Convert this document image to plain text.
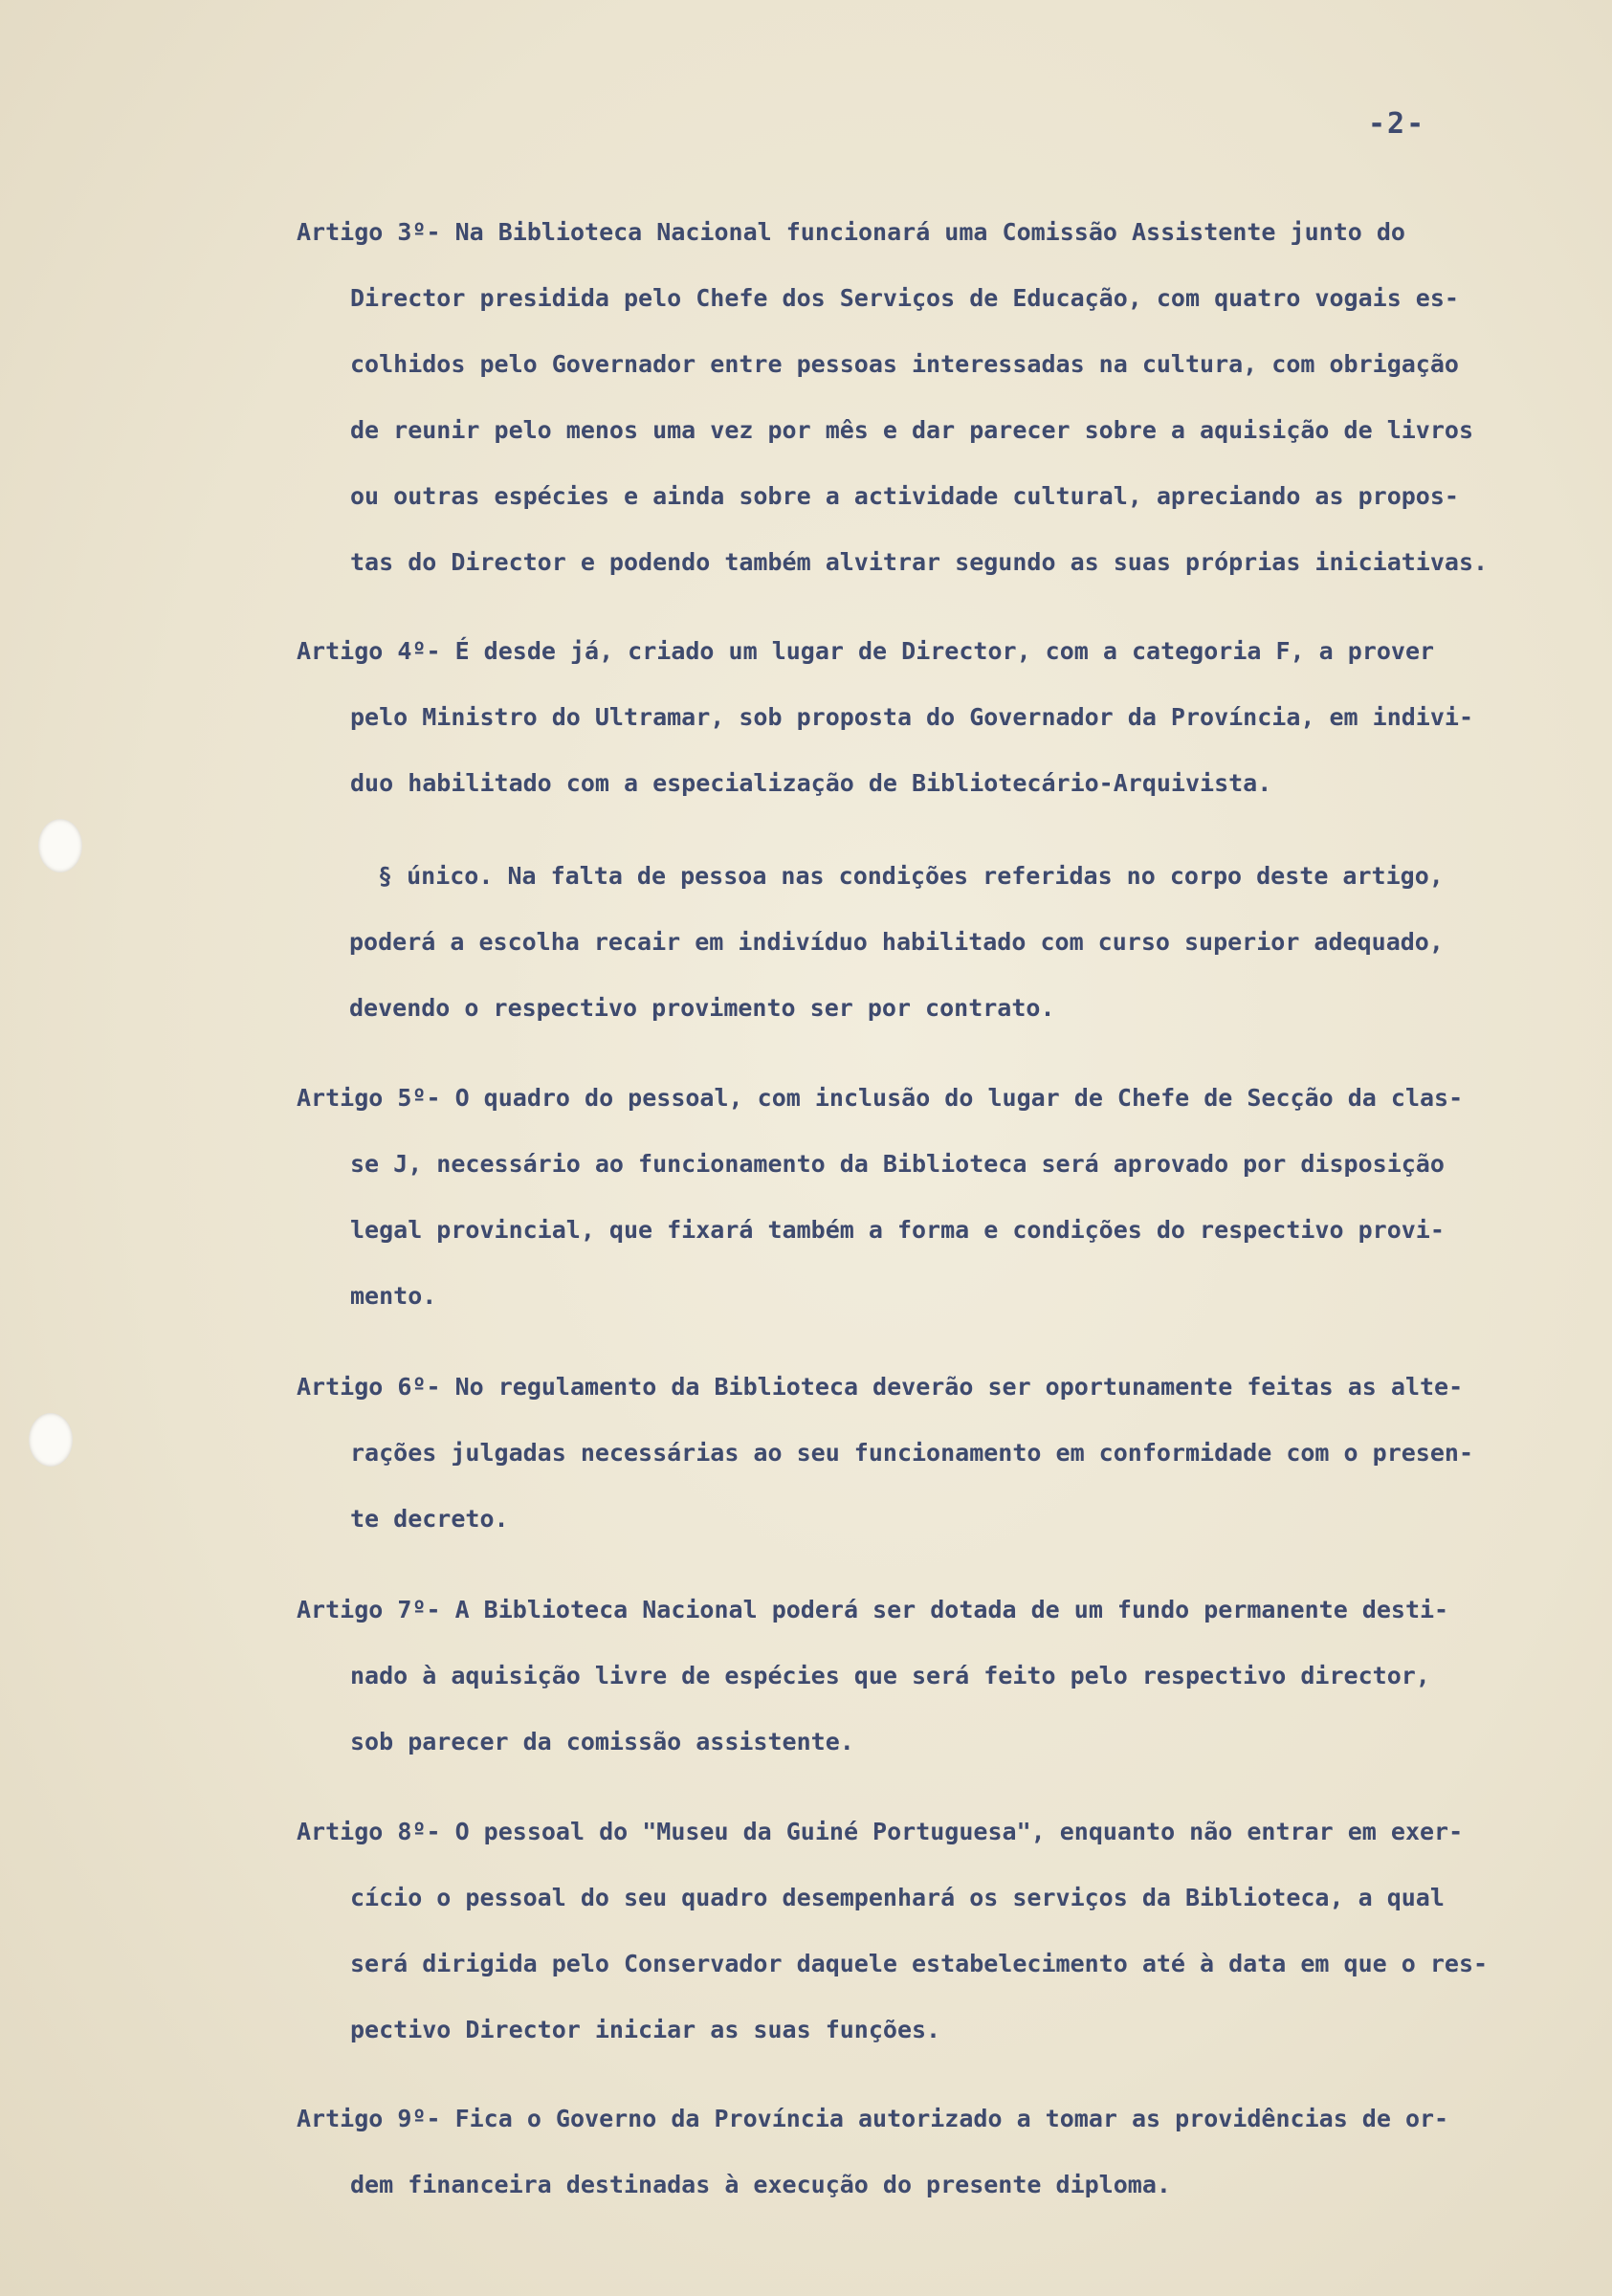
-2-
Artigo 3º- Na Biblioteca Nacional funcionará uma Comissão Assistente junto do
Director presidida pelo Chefe dos Serviços de Educação, com quatro vogais es-
colhidos pelo Governador entre pessoas interessadas na cultura, com obrigação
de reunir pelo menos uma vez por mês e dar parecer sobre a aquisição de livros
ou outras espécies e ainda sobre a actividade cultural, apreciando as propos-
tas do Director e podendo também alvitrar segundo as suas próprias iniciativas.
Artigo 4º- É desde já, criado um lugar de Director, com a categoria F, a prover
pelo Ministro do Ultramar, sob proposta do Governador da Província, em indivi-
duo habilitado com a especialização de Bibliotecário-Arquivista.
§ único. Na falta de pessoa nas condições referidas no corpo deste artigo,
poderá a escolha recair em indivíduo habilitado com curso superior adequado,
devendo o respectivo provimento ser por contrato.
Artigo 5º- O quadro do pessoal, com inclusão do lugar de Chefe de Secção da clas-
se J, necessário ao funcionamento da Biblioteca será aprovado por disposição
legal provincial, que fixará também a forma e condições do respectivo provi-
mento.
Artigo 6º- No regulamento da Biblioteca deverão ser oportunamente feitas as alte-
rações julgadas necessárias ao seu funcionamento em conformidade com o presen-
te decreto.
Artigo 7º- A Biblioteca Nacional poderá ser dotada de um fundo permanente desti-
nado à aquisição livre de espécies que será feito pelo respectivo director,
sob parecer da comissão assistente.
Artigo 8º- O pessoal do "Museu da Guiné Portuguesa", enquanto não entrar em exer-
cício o pessoal do seu quadro desempenhará os serviços da Biblioteca, a qual
será dirigida pelo Conservador daquele estabelecimento até à data em que o res-
pectivo Director iniciar as suas funções.
Artigo 9º- Fica o Governo da Província autorizado a tomar as providências de or-
dem financeira destinadas à execução do presente diploma.
